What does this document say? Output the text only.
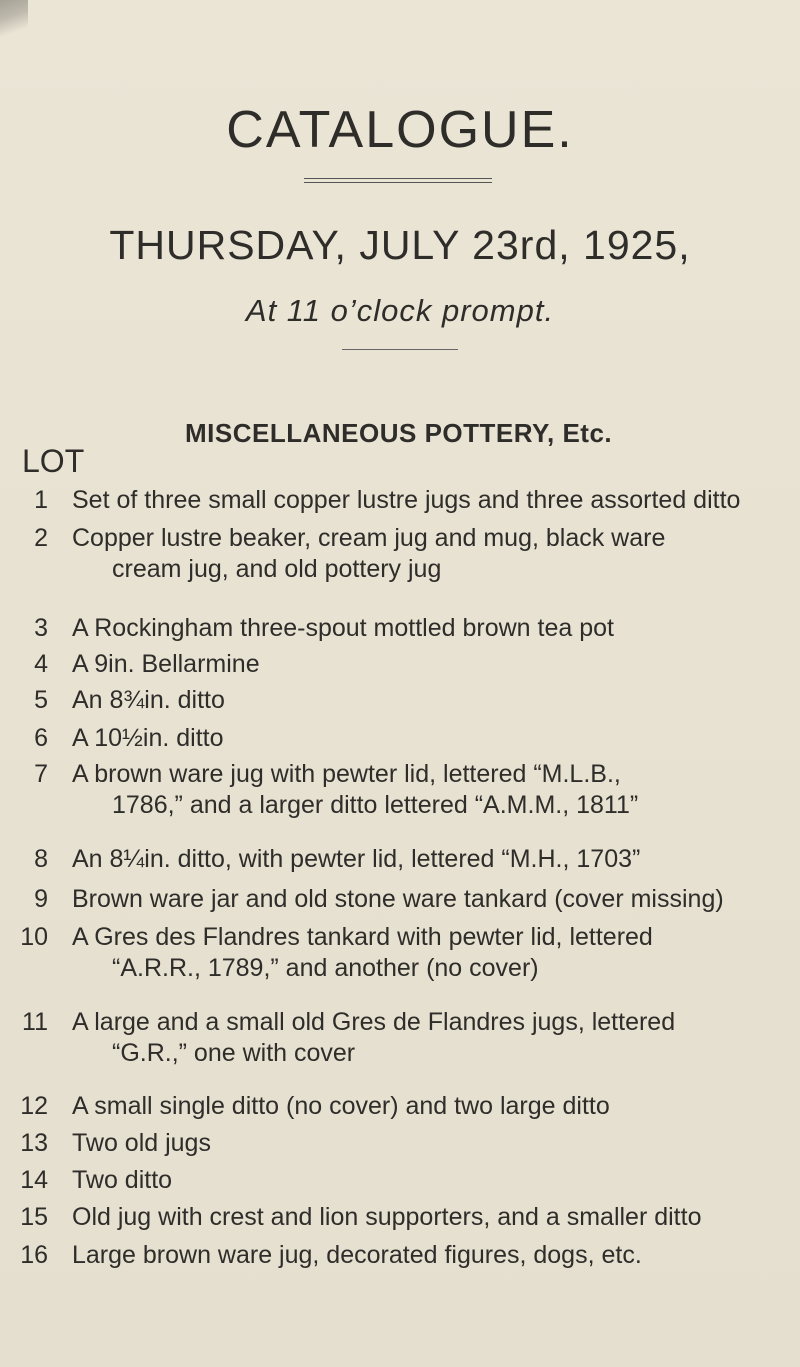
CATALOGUE.
THURSDAY, JULY 23rd, 1925,
At 11 o’clock prompt.
MISCELLANEOUS POTTERY, Etc.
LOT
1 Set of three small copper lustre jugs and three assorted ditto
2 Copper lustre beaker, cream jug and mug, black ware
cream jug, and old pottery jug
3 A Rockingham three-spout mottled brown tea pot
4 A 9in. Bellarmine
5 An 8¾in. ditto
6 A 10½in. ditto
7 A brown ware jug with pewter lid, lettered “M.L.B.,
1786,” and a larger ditto lettered “A.M.M., 1811”
8 An 8¼in. ditto, with pewter lid, lettered “M.H., 1703”
9 Brown ware jar and old stone ware tankard (cover missing)
10 A Gres des Flandres tankard with pewter lid, lettered
“A.R.R., 1789,” and another (no cover)
11 A large and a small old Gres de Flandres jugs, lettered
“G.R.,” one with cover
12 A small single ditto (no cover) and two large ditto
13 Two old jugs
14 Two ditto
15 Old jug with crest and lion supporters, and a smaller ditto
16 Large brown ware jug, decorated figures, dogs, etc.
